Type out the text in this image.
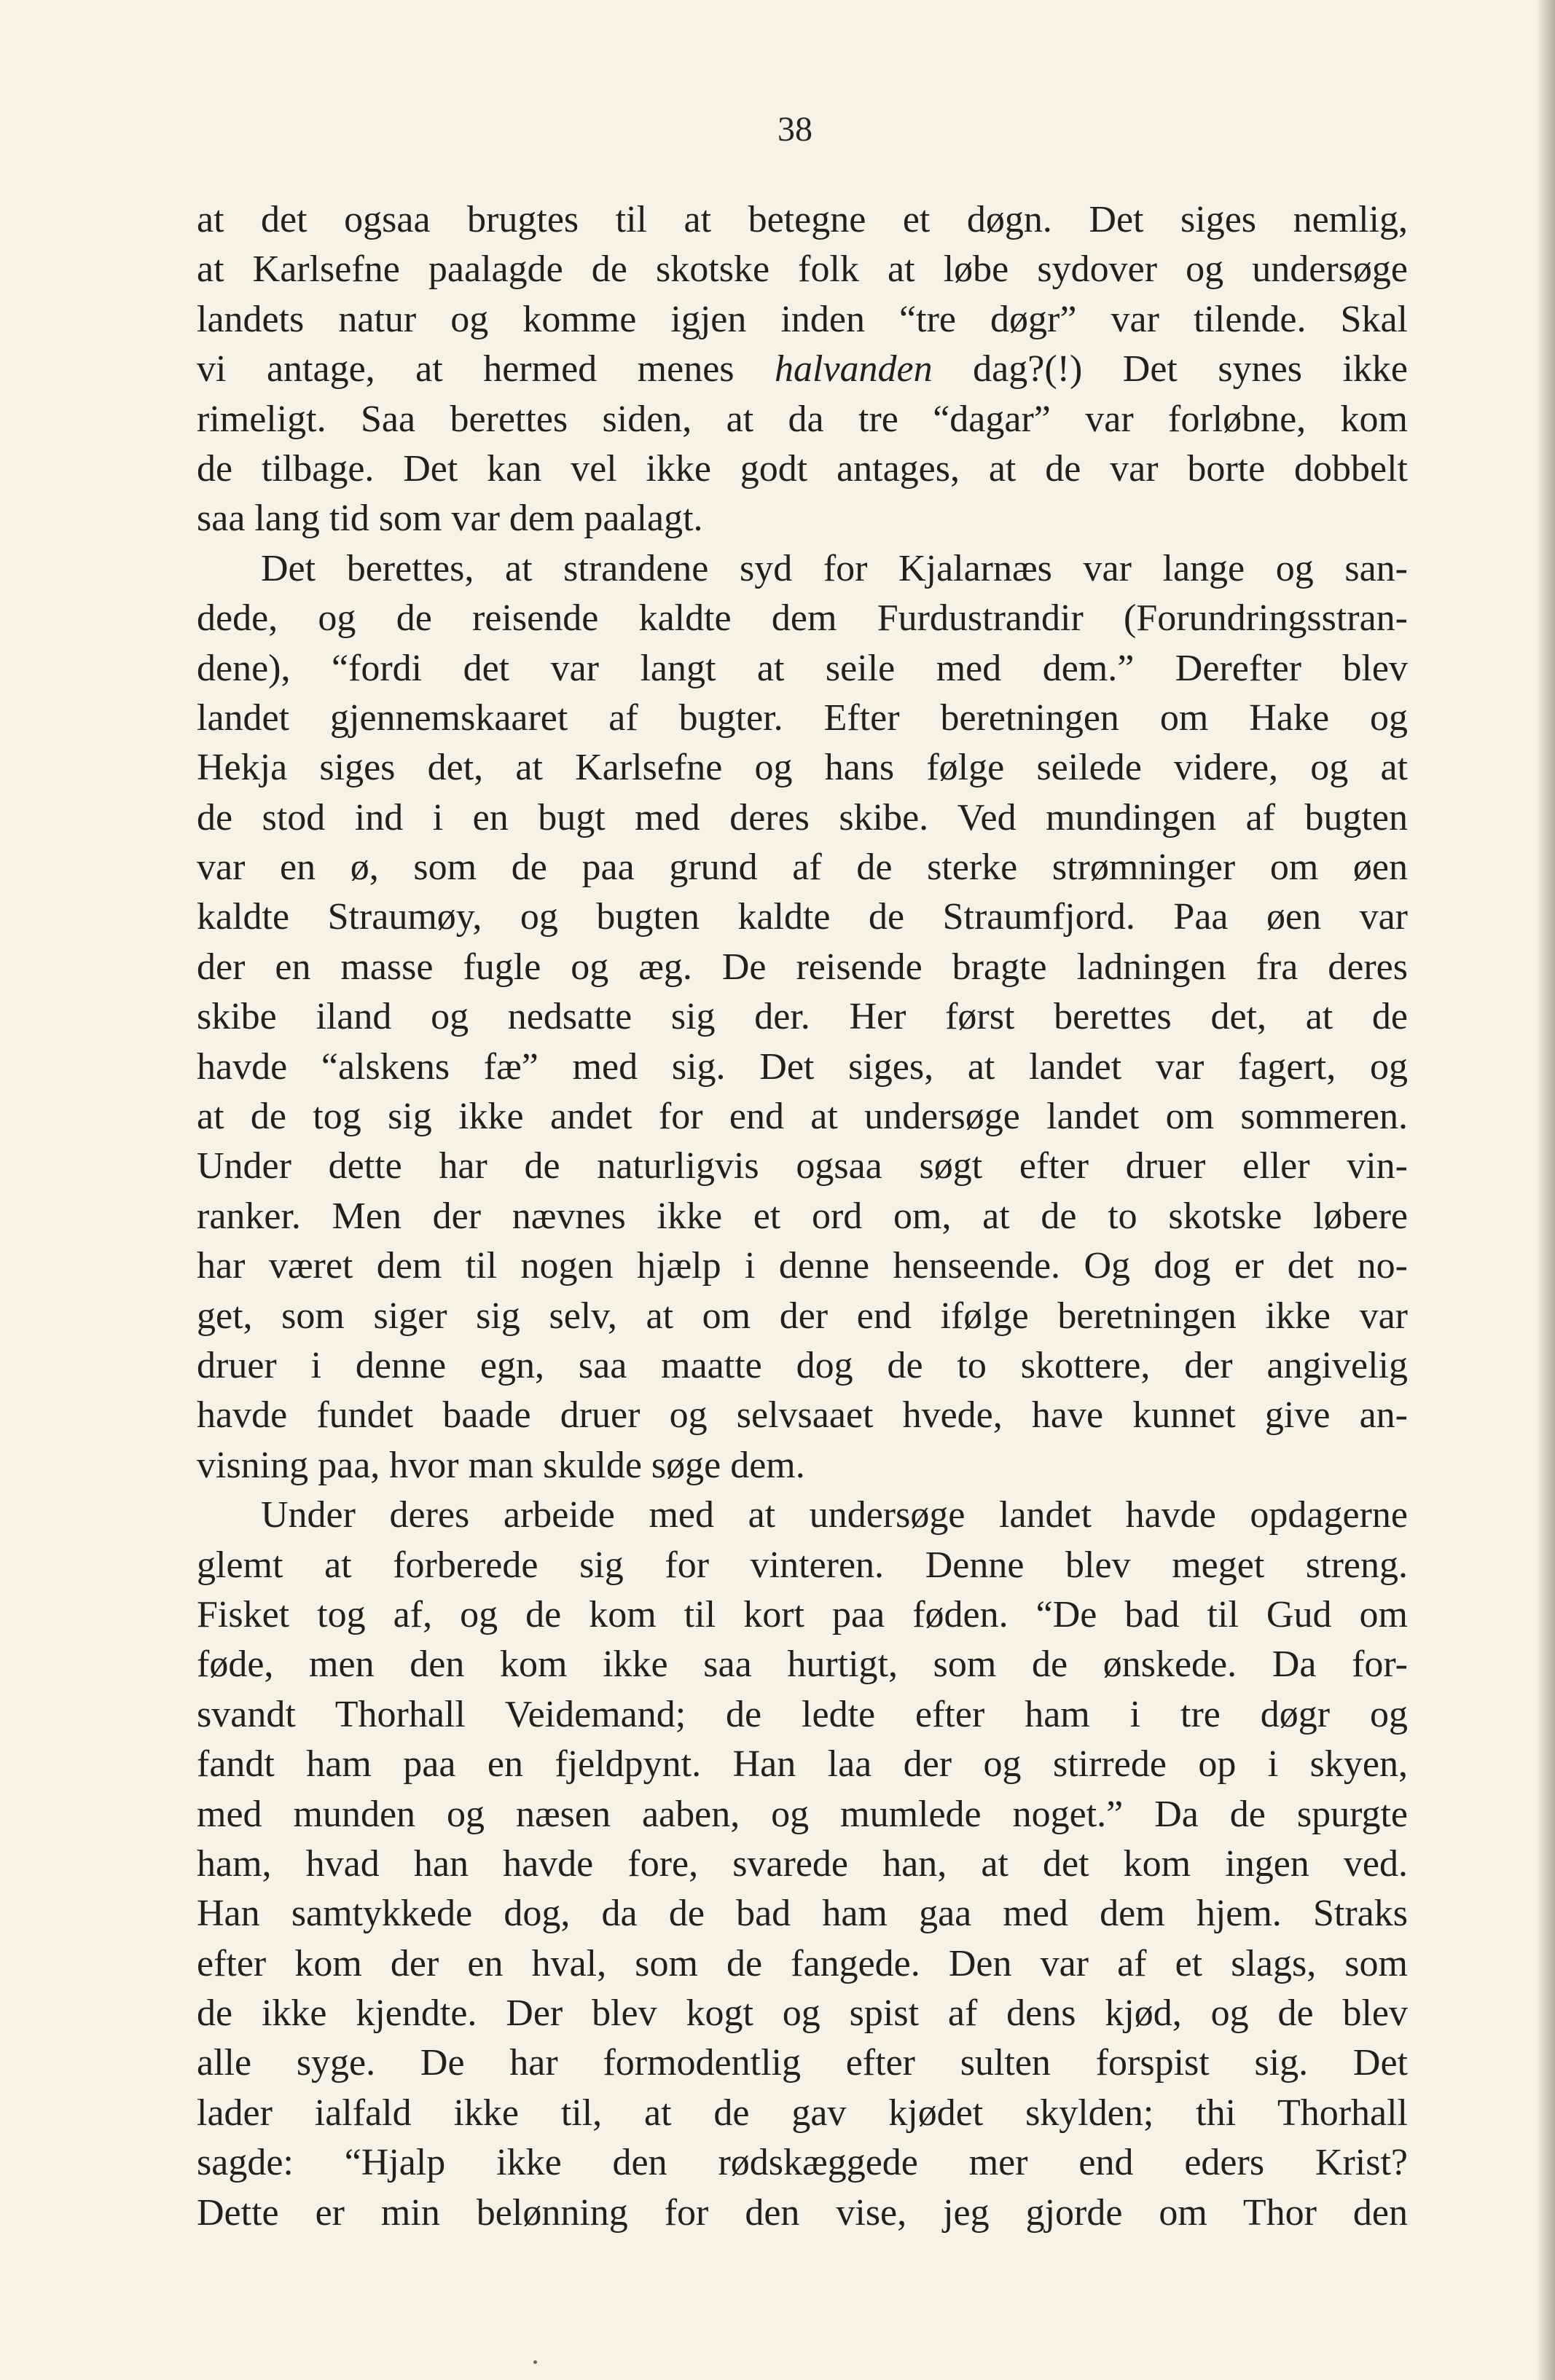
38
at det ogsaa brugtes til at betegne et døgn. Det siges nemlig,
at Karlsefne paalagde de skotske folk at løbe sydover og undersøge
landets natur og komme igjen inden “tre døgr” var tilende. Skal
vi antage, at hermed menes halvanden dag?(!) Det synes ikke
rimeligt. Saa berettes siden, at da tre “dagar” var forløbne, kom
de tilbage. Det kan vel ikke godt antages, at de var borte dobbelt
saa lang tid som var dem paalagt.
Det berettes, at strandene syd for Kjalarnæs var lange og san-
dede, og de reisende kaldte dem Furdustrandir (Forundringsstran-
dene), “fordi det var langt at seile med dem.” Derefter blev
landet gjennemskaaret af bugter. Efter beretningen om Hake og
Hekja siges det, at Karlsefne og hans følge seilede videre, og at
de stod ind i en bugt med deres skibe. Ved mundingen af bugten
var en ø, som de paa grund af de sterke strømninger om øen
kaldte Straumøy, og bugten kaldte de Straumfjord. Paa øen var
der en masse fugle og æg. De reisende bragte ladningen fra deres
skibe iland og nedsatte sig der. Her først berettes det, at de
havde “alskens fæ” med sig. Det siges, at landet var fagert, og
at de tog sig ikke andet for end at undersøge landet om sommeren.
Under dette har de naturligvis ogsaa søgt efter druer eller vin-
ranker. Men der nævnes ikke et ord om, at de to skotske løbere
har været dem til nogen hjælp i denne henseende. Og dog er det no-
get, som siger sig selv, at om der end ifølge beretningen ikke var
druer i denne egn, saa maatte dog de to skottere, der angivelig
havde fundet baade druer og selvsaaet hvede, have kunnet give an-
visning paa, hvor man skulde søge dem.
Under deres arbeide med at undersøge landet havde opdagerne
glemt at forberede sig for vinteren. Denne blev meget streng.
Fisket tog af, og de kom til kort paa føden. “De bad til Gud om
føde, men den kom ikke saa hurtigt, som de ønskede. Da for-
svandt Thorhall Veidemand; de ledte efter ham i tre døgr og
fandt ham paa en fjeldpynt. Han laa der og stirrede op i skyen,
med munden og næsen aaben, og mumlede noget.” Da de spurgte
ham, hvad han havde fore, svarede han, at det kom ingen ved.
Han samtykkede dog, da de bad ham gaa med dem hjem. Straks
efter kom der en hval, som de fangede. Den var af et slags, som
de ikke kjendte. Der blev kogt og spist af dens kjød, og de blev
alle syge. De har formodentlig efter sulten forspist sig. Det
lader ialfald ikke til, at de gav kjødet skylden; thi Thorhall
sagde: “Hjalp ikke den rødskæggede mer end eders Krist?
Dette er min belønning for den vise, jeg gjorde om Thor den
